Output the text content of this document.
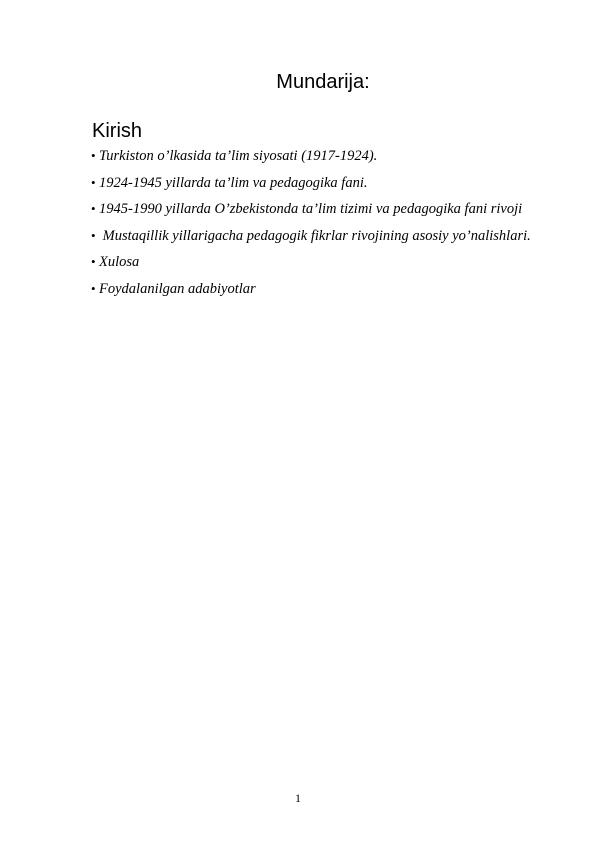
Mundarija:
Kirish
• Turkiston o’lkasida ta’lim siyosati (1917-1924).
• 1924-1945 yillarda ta’lim va pedagogika fani.
• 1945-1990 yillarda O’zbekistonda ta’lim tizimi va pedagogika fani rivoji
• Mustaqillik yillarigacha pedagogik fikrlar rivojining asosiy yo’nalishlari.
• Xulosa
• Foydalanilgan adabiyotlar
1
